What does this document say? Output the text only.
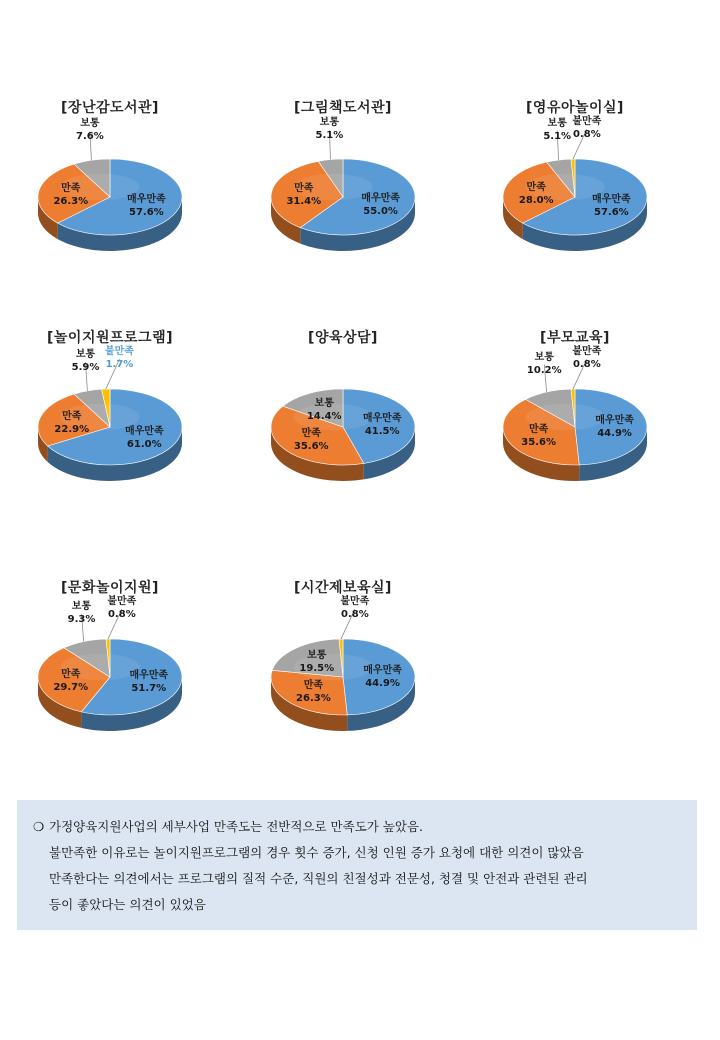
[장난감도서관]
매우만족
57.6%
만족
26.3%
보통
7.6%
[그림책도서관]
매우만족
55.0%
만족
31.4%
보통
5.1%
[영유아놀이실]
매우만족
57.6%
만족
28.0%
보통
5.1%
불만족
0.8%
[놀이지원프로그램]
매우만족
61.0%
만족
22.9%
보통
5.9%
불만족
1.7%
[양육상담]
매우만족
41.5%
만족
35.6%
보통
14.4%
[부모교육]
매우만족
44.9%
만족
35.6%
보통
10.2%
불만족
0.8%
[문화놀이지원]
매우만족
51.7%
만족
29.7%
보통
9.3%
불만족
0.8%
[시간제보육실]
매우만족
44.9%
만족
26.3%
보통
19.5%
불만족
0.8%
❍ 가정양육지원사업의 세부사업 만족도는 전반적으로 만족도가 높았음.
불만족한 이유로는 놀이지원프로그램의 경우 횟수 증가, 신청 인원 증가 요청에 대한 의견이 많았음
만족한다는 의견에서는 프로그램의 질적 수준, 직원의 친절성과 전문성, 청결 및 안전과 관련된 관리
등이 좋았다는 의견이 있었음
